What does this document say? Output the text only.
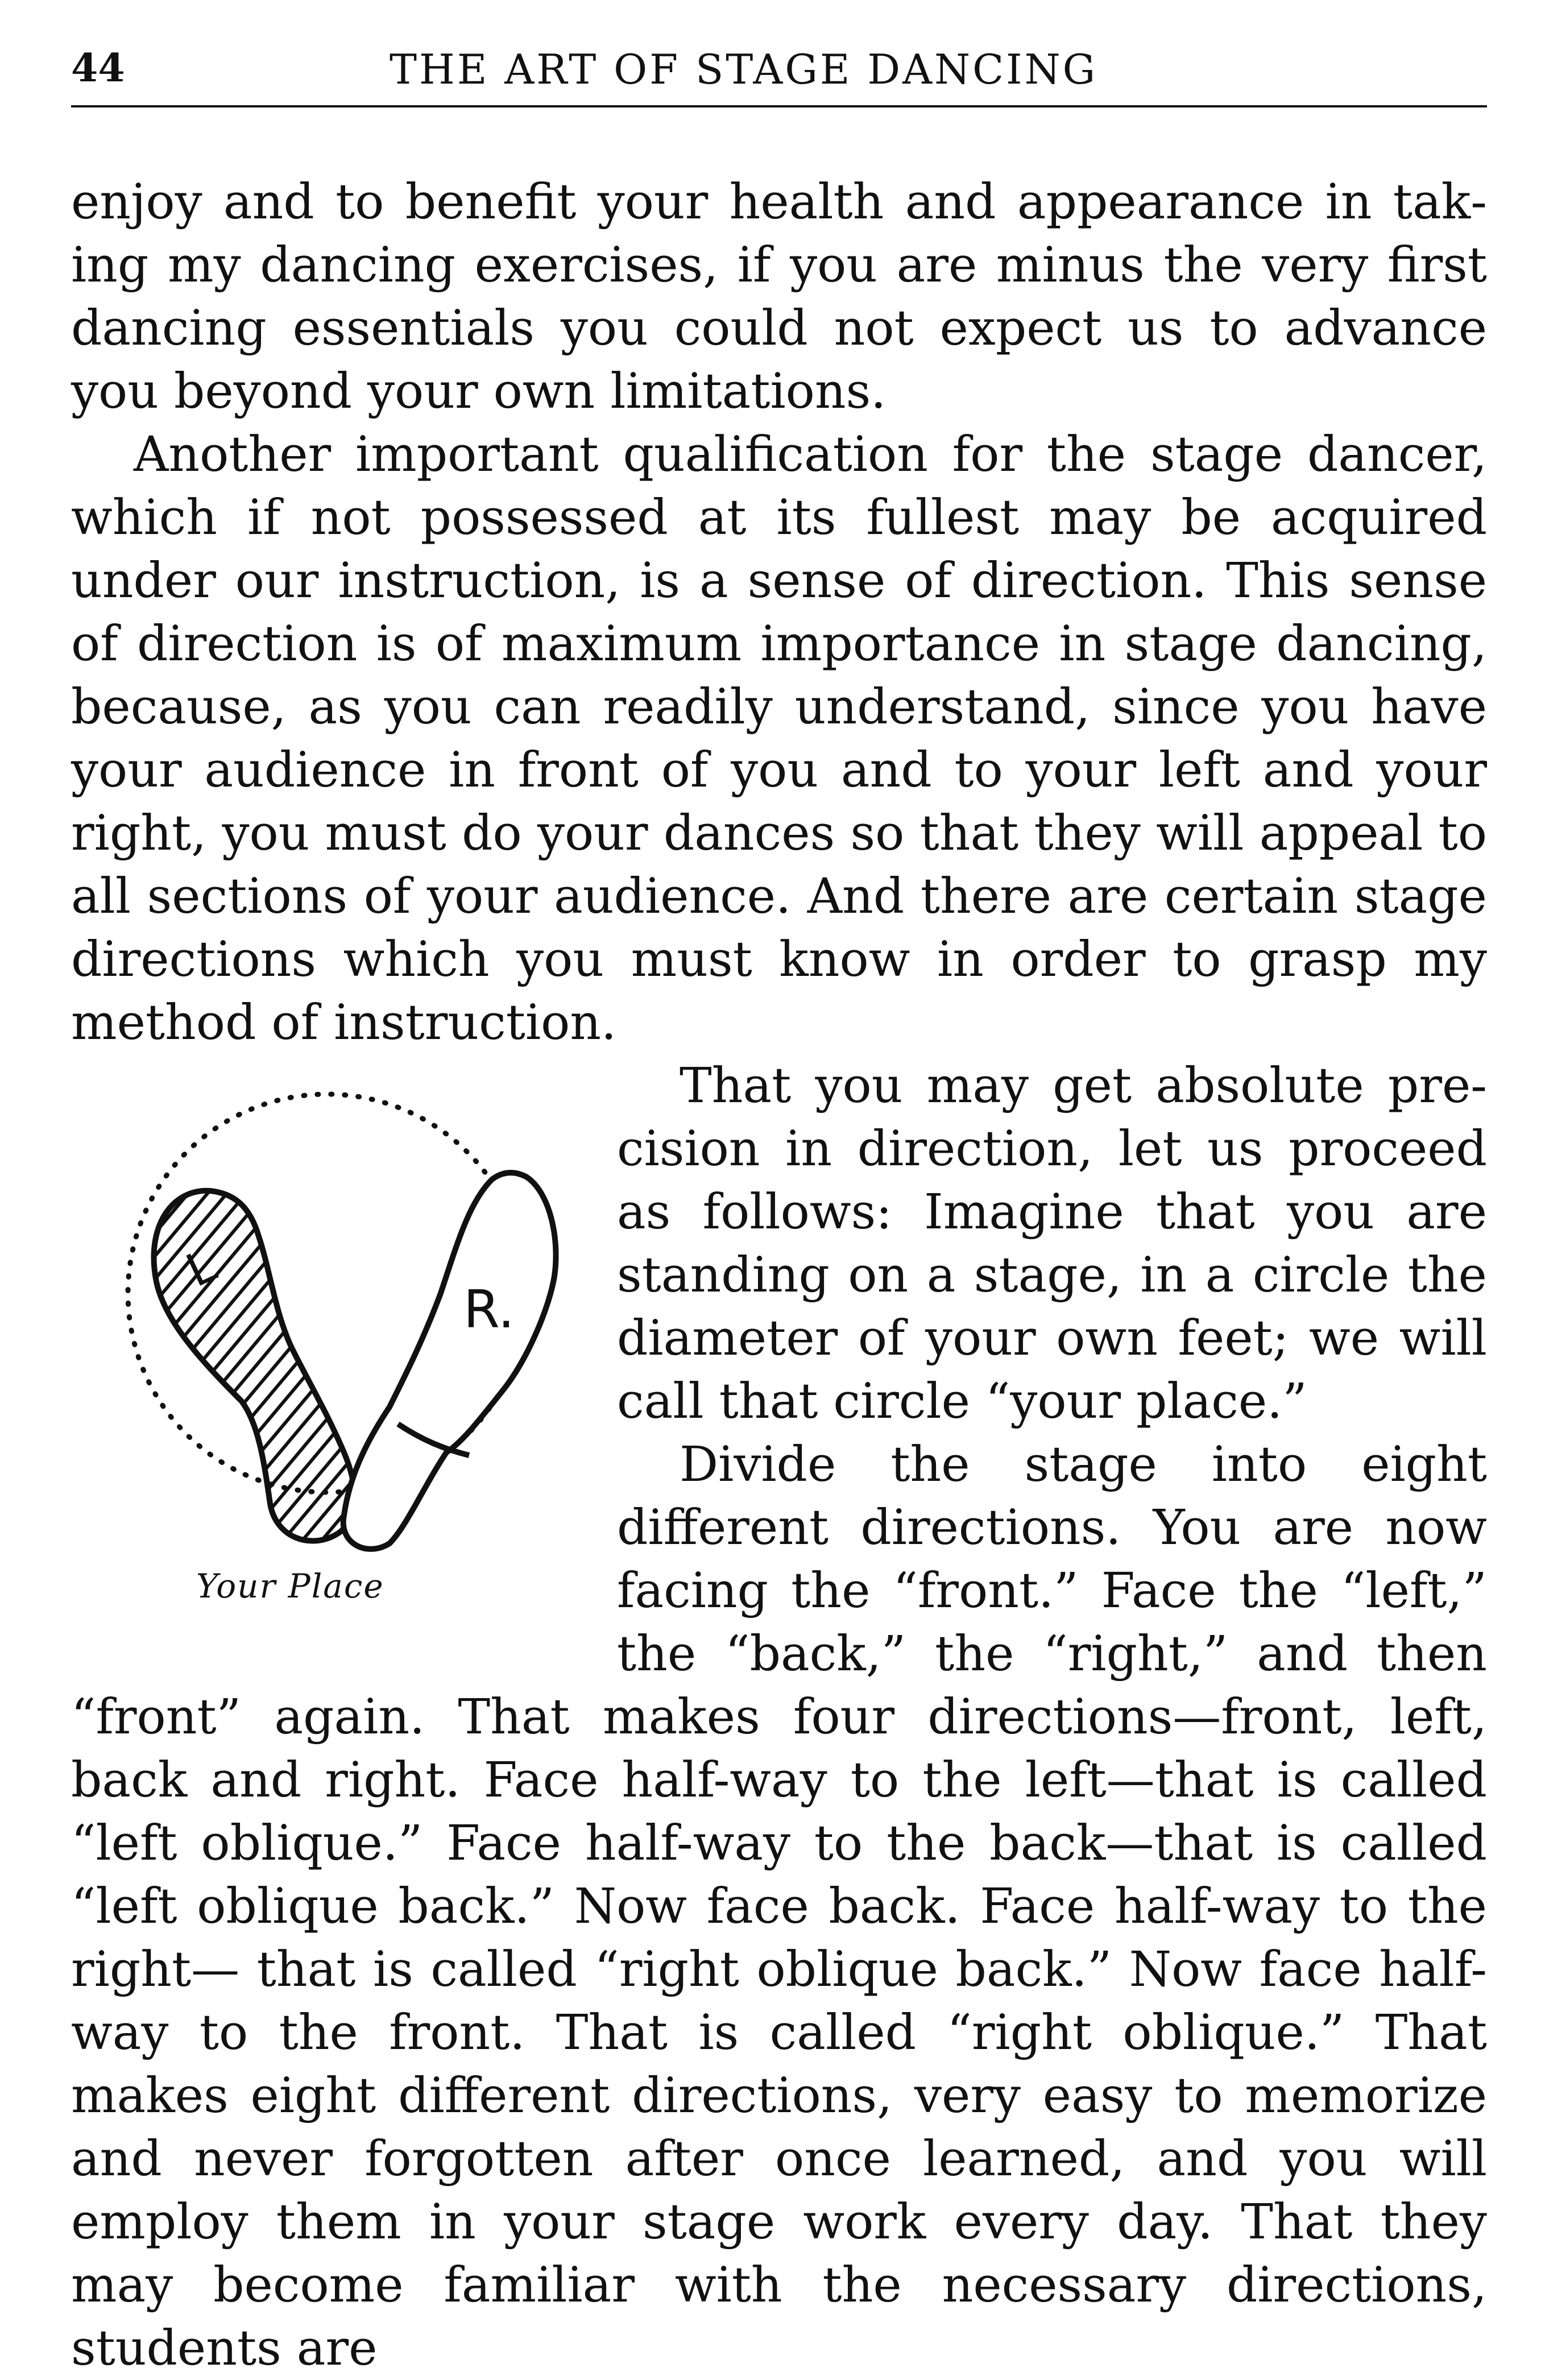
44	THE ART OF STAGE DANCING

enjoy and to benefit your health and appearance in taking my dancing exercises, if you are minus the very first dancing essentials you could not expect us to advance you beyond your own limitations.

Another important qualification for the stage dancer, which if not possessed at its fullest may be acquired under our instruction, is a sense of direction. This sense of direction is of maximum importance in stage dancing, because, as you can readily understand, since you have your audience in front of you and to your left and your right, you must do your dances so that they will appeal to all sections of your audience. And there are certain stage directions which you must know in order to grasp my method of instruction.

L
R.
Your Place

That you may get absolute precision in direction, let us proceed as follows: Imagine that you are standing on a stage, in a circle the diameter of your own feet; we will call that circle “your place.”

Divide the stage into eight different directions. You are now facing the “front.” Face the “left,” the “back,” the “right,” and then “front” again. That makes four directions—front, left, back and right. Face half-way to the left—that is called “left oblique.” Face half-way to the back—that is called “left oblique back.” Now face back. Face half-way to the right— that is called “right oblique back.” Now face half-way to the front. That is called “right oblique.” That makes eight different directions, very easy to memorize and never forgotten after once learned, and you will employ them in your stage work every day. That they may become familiar with the necessary directions, students are
